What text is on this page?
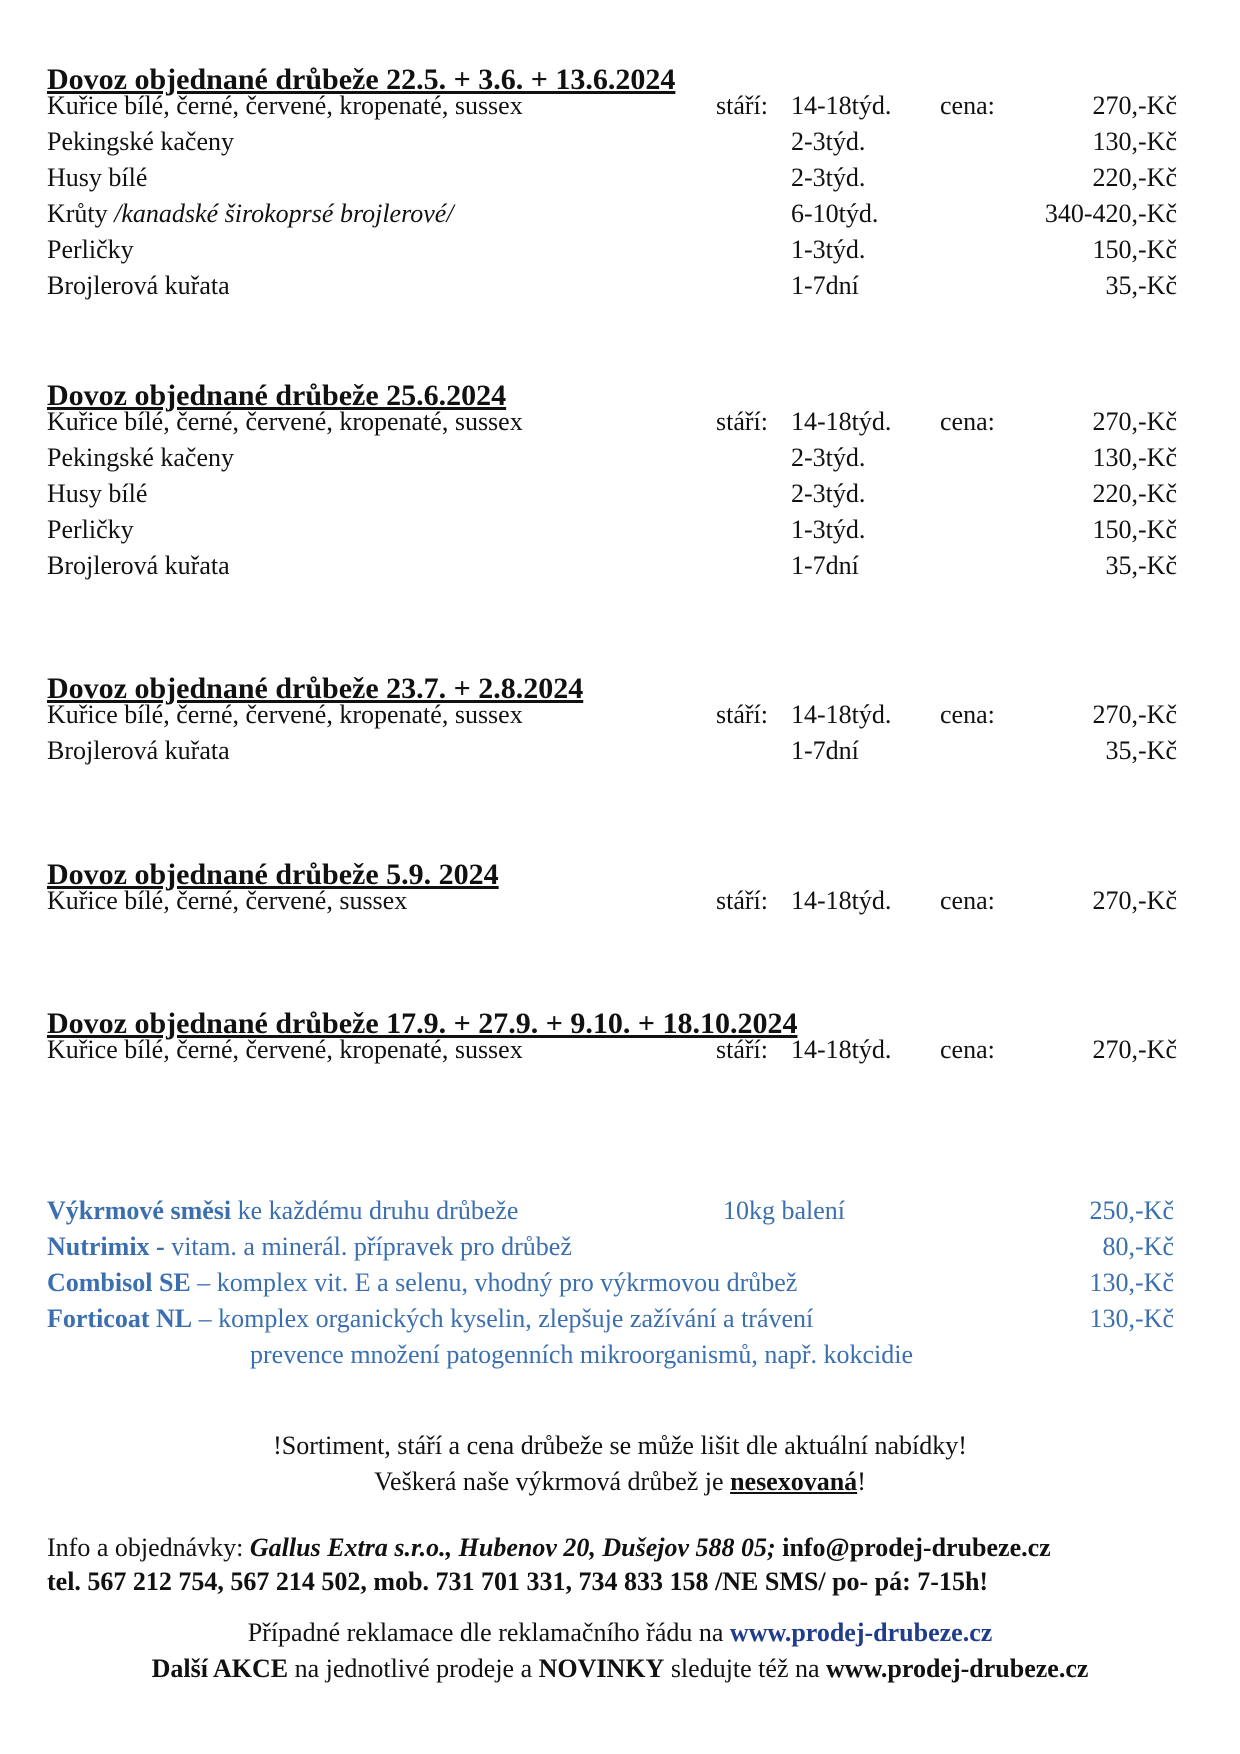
Dovoz objednané drůbeže 22.5. + 3.6. + 13.6.2024
Kuřice bílé, černé, červené, kropenaté, sussex	stáří: 14-18týd. cena:	270,-Kč
Pekingské kačeny	2-3týd.	130,-Kč
Husy bílé	2-3týd.	220,-Kč
Krůty /kanadské širokoprsé brojlerové/	6-10týd.	340-420,-Kč
Perličky	1-3týd.	150,-Kč
Brojlerová kuřata	1-7dní	35,-Kč
Dovoz objednané drůbeže 25.6.2024
Kuřice bílé, černé, červené, kropenaté, sussex	stáří: 14-18týd. cena:	270,-Kč
Pekingské kačeny	2-3týd.	130,-Kč
Husy bílé	2-3týd.	220,-Kč
Perličky	1-3týd.	150,-Kč
Brojlerová kuřata	1-7dní	35,-Kč
Dovoz objednané drůbeže 23.7. + 2.8.2024
Kuřice bílé, černé, červené, kropenaté, sussex	stáří: 14-18týd. cena:	270,-Kč
Brojlerová kuřata	1-7dní	35,-Kč
Dovoz objednané drůbeže 5.9. 2024
Kuřice bílé, černé, červené, sussex	stáří: 14-18týd. cena:	270,-Kč
Dovoz objednané drůbeže 17.9. + 27.9. + 9.10. + 18.10.2024
Kuřice bílé, černé, červené, kropenaté, sussex	stáří: 14-18týd. cena:	270,-Kč
Výkrmové směsi ke každému druhu drůbeže	10kg balení	250,-Kč
Nutrimix - vitam. a minerál. přípravek pro drůbež	80,-Kč
Combisol SE – komplex vit. E a selenu, vhodný pro výkrmovou drůbež	130,-Kč
Forticoat NL – komplex organických kyselin, zlepšuje zažívání a trávení	130,-Kč
prevence množení patogenních mikroorganismů, např. kokcidie
!Sortiment, stáří a cena drůbeže se může lišit dle aktuální nabídky!
Veškerá naše výkrmová drůbež je nesexovaná!
Info a objednávky: Gallus Extra s.r.o., Hubenov 20, Dušejov 588 05; info@prodej-drubeze.cz
tel. 567 212 754, 567 214 502, mob. 731 701 331, 734 833 158 /NE SMS/ po- pá: 7-15h!
Případné reklamace dle reklamačního řádu na www.prodej-drubeze.cz
Další AKCE na jednotlivé prodeje a NOVINKY sledujte též na www.prodej-drubeze.cz
